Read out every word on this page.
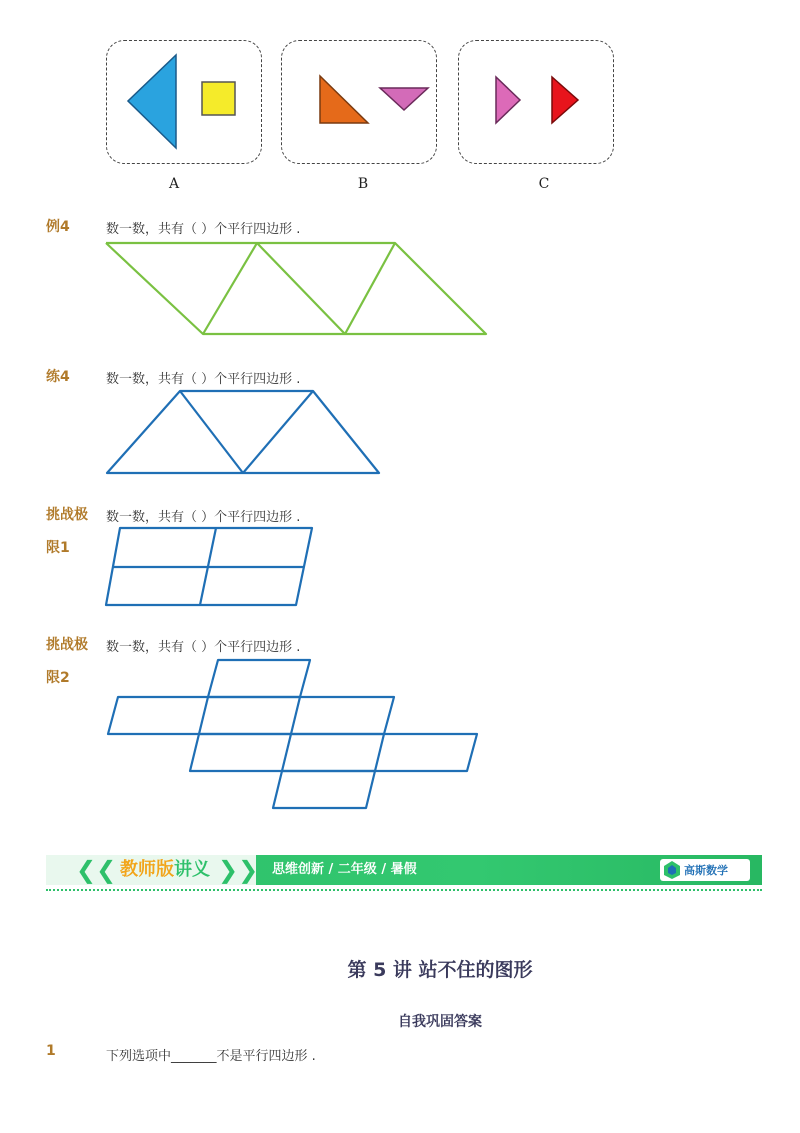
A	B	C
例4	数一数，共有（ ）个平行四边形 .
练4	数一数，共有（ ）个平行四边形 .
挑战极
限1
数一数，共有（ ）个平行四边形 .
挑战极
限2
数一数，共有（ ）个平行四边形 .
❮❮ 教师版讲义 ❯❯ 思维创新 / 二年级 / 暑假	高斯数学
第 5 讲 站不住的图形
自我巩固答案
1	下列选项中_______不是平行四边形 .
